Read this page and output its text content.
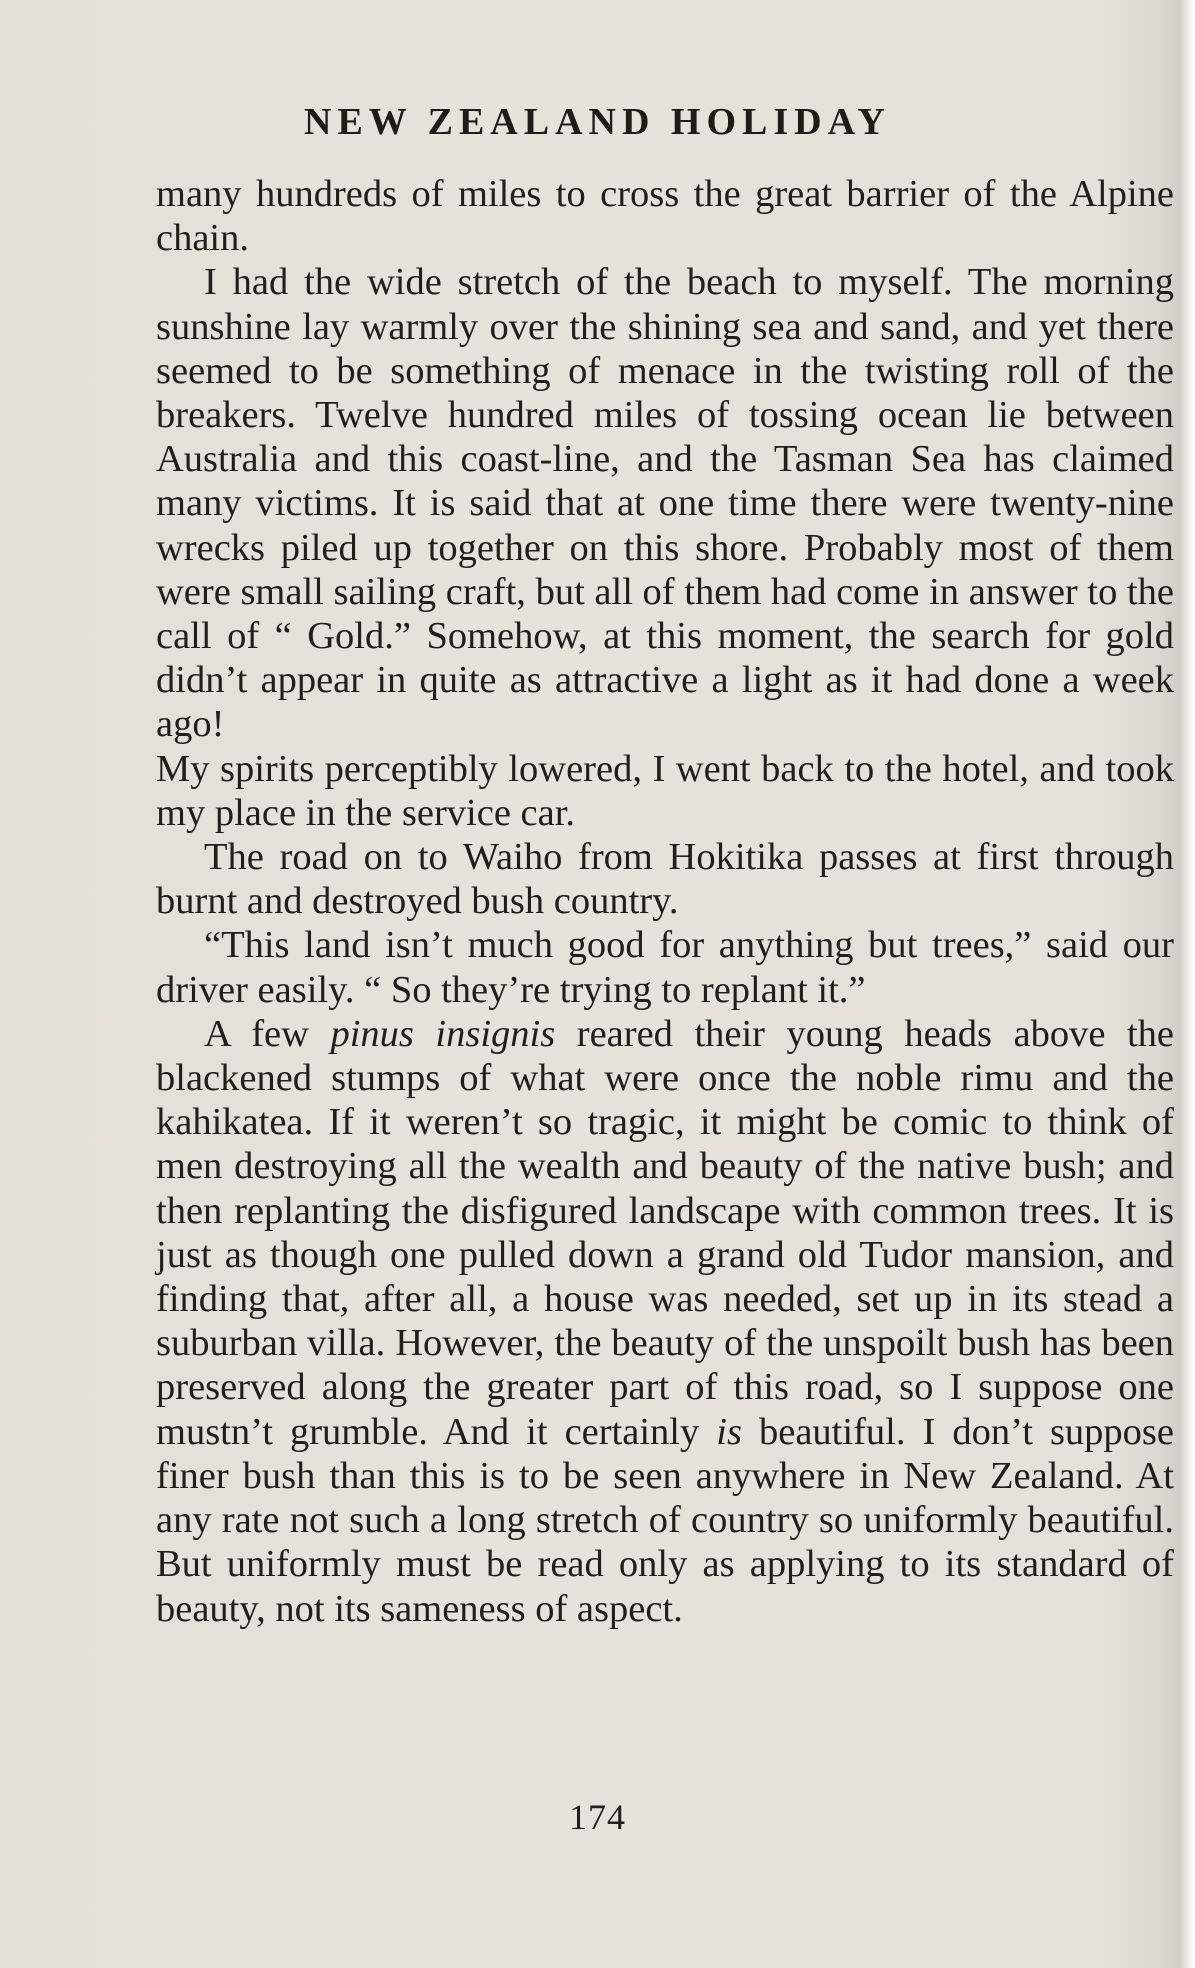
NEW ZEALAND HOLIDAY

many hundreds of miles to cross the great barrier of the Alpine chain.

I had the wide stretch of the beach to myself. The morning sunshine lay warmly over the shining sea and sand, and yet there seemed to be something of menace in the twisting roll of the breakers. Twelve hundred miles of tossing ocean lie between Australia and this coast-line, and the Tasman Sea has claimed many victims. It is said that at one time there were twenty-nine wrecks piled up together on this shore. Probably most of them were small sailing craft, but all of them had come in answer to the call of “ Gold.” Somehow, at this moment, the search for gold didn’t appear in quite as attractive a light as it had done a week ago!

My spirits perceptibly lowered, I went back to the hotel, and took my place in the service car.

The road on to Waiho from Hokitika passes at first through burnt and destroyed bush country.

“This land isn’t much good for anything but trees,” said our driver easily. “ So they’re trying to replant it.”

A few pinus insignis reared their young heads above the blackened stumps of what were once the noble rimu and the kahikatea. If it weren’t so tragic, it might be comic to think of men destroying all the wealth and beauty of the native bush; and then replanting the disfigured landscape with common trees. It is just as though one pulled down a grand old Tudor mansion, and finding that, after all, a house was needed, set up in its stead a suburban villa. However, the beauty of the unspoilt bush has been preserved along the greater part of this road, so I suppose one mustn’t grumble. And it certainly is beautiful. I don’t suppose finer bush than this is to be seen anywhere in New Zealand. At any rate not such a long stretch of country so uniformly beautiful. But uniformly must be read only as applying to its standard of beauty, not its sameness of aspect.

174
